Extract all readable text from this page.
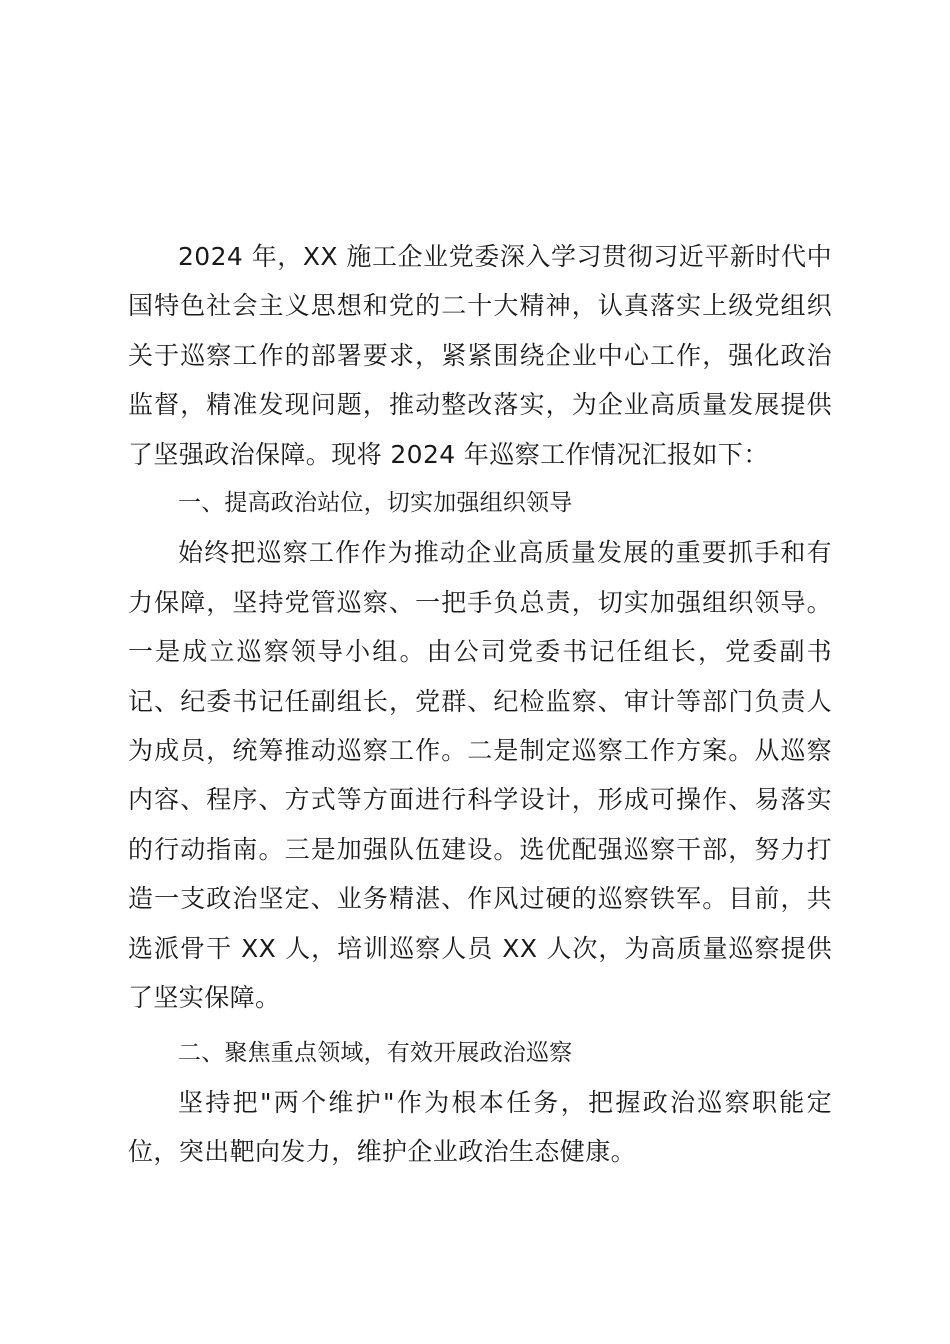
2024 年，XX 施工企业党委深入学习贯彻习近平新时代中国特色社会主义思想和党的二十大精神，认真落实上级党组织关于巡察工作的部署要求，紧紧围绕企业中心工作，强化政治监督，精准发现问题，推动整改落实，为企业高质量发展提供了坚强政治保障。现将 2024 年巡察工作情况汇报如下：

一、提高政治站位，切实加强组织领导

始终把巡察工作作为推动企业高质量发展的重要抓手和有力保障，坚持党管巡察、一把手负总责，切实加强组织领导。一是成立巡察领导小组。由公司党委书记任组长，党委副书记、纪委书记任副组长，党群、纪检监察、审计等部门负责人为成员，统筹推动巡察工作。二是制定巡察工作方案。从巡察内容、程序、方式等方面进行科学设计，形成可操作、易落实的行动指南。三是加强队伍建设。选优配强巡察干部，努力打造一支政治坚定、业务精湛、作风过硬的巡察铁军。目前，共选派骨干 XX 人，培训巡察人员 XX 人次，为高质量巡察提供了坚实保障。

二、聚焦重点领域，有效开展政治巡察

坚持把"两个维护"作为根本任务，把握政治巡察职能定位，突出靶向发力，维护企业政治生态健康。
